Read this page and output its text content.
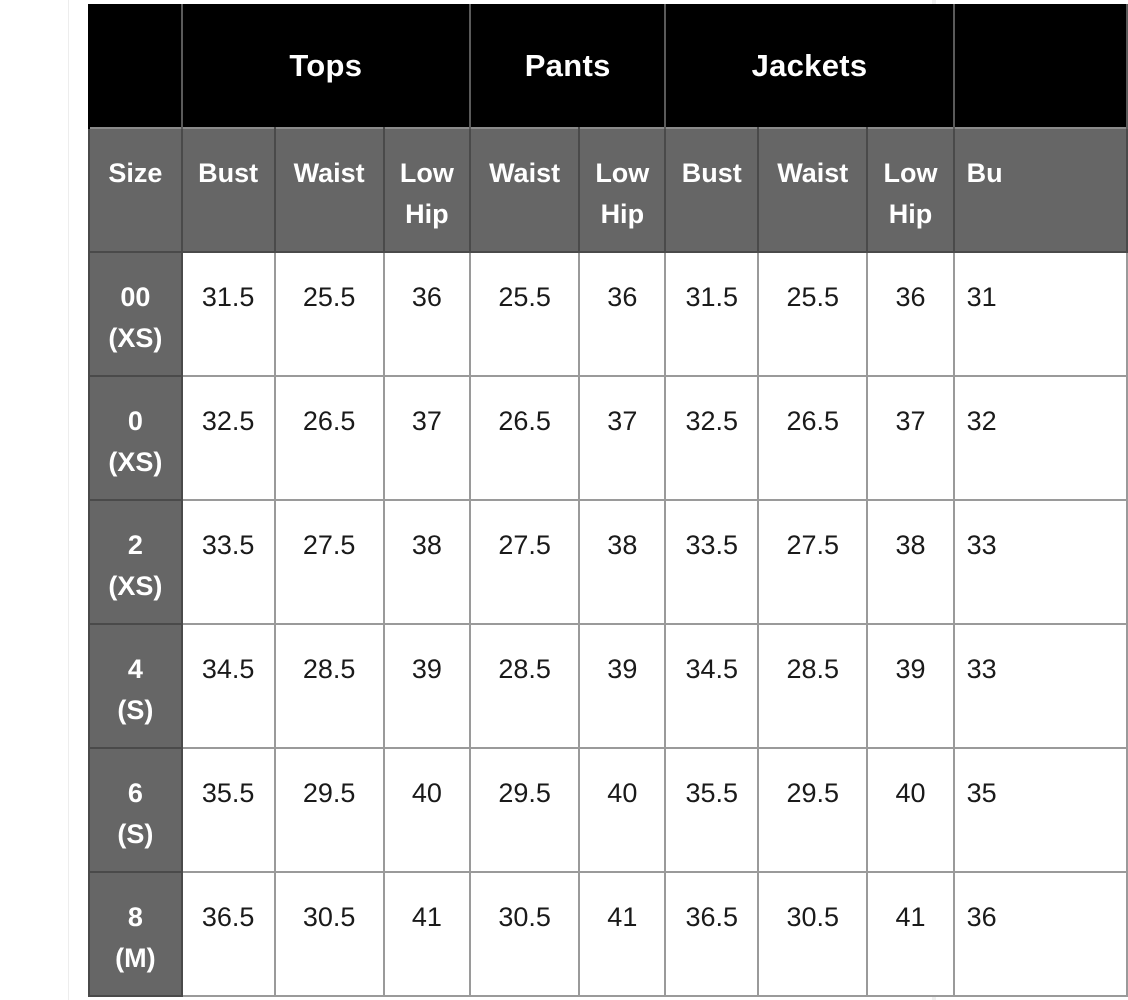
	Tops			Pants		Jackets			
Size	Bust	Waist	Low Hip	Waist	Low Hip	Bust	Waist	Low Hip	Bu

00
(XS)	31.5	25.5	36	25.5	36	31.5	25.5	36	31

0
(XS)	32.5	26.5	37	26.5	37	32.5	26.5	37	32

2
(XS)	33.5	27.5	38	27.5	38	33.5	27.5	38	33

4
(S)	34.5	28.5	39	28.5	39	34.5	28.5	39	33

6
(S)	35.5	29.5	40	29.5	40	35.5	29.5	40	35

8
(M)	36.5	30.5	41	30.5	41	36.5	30.5	41	36
